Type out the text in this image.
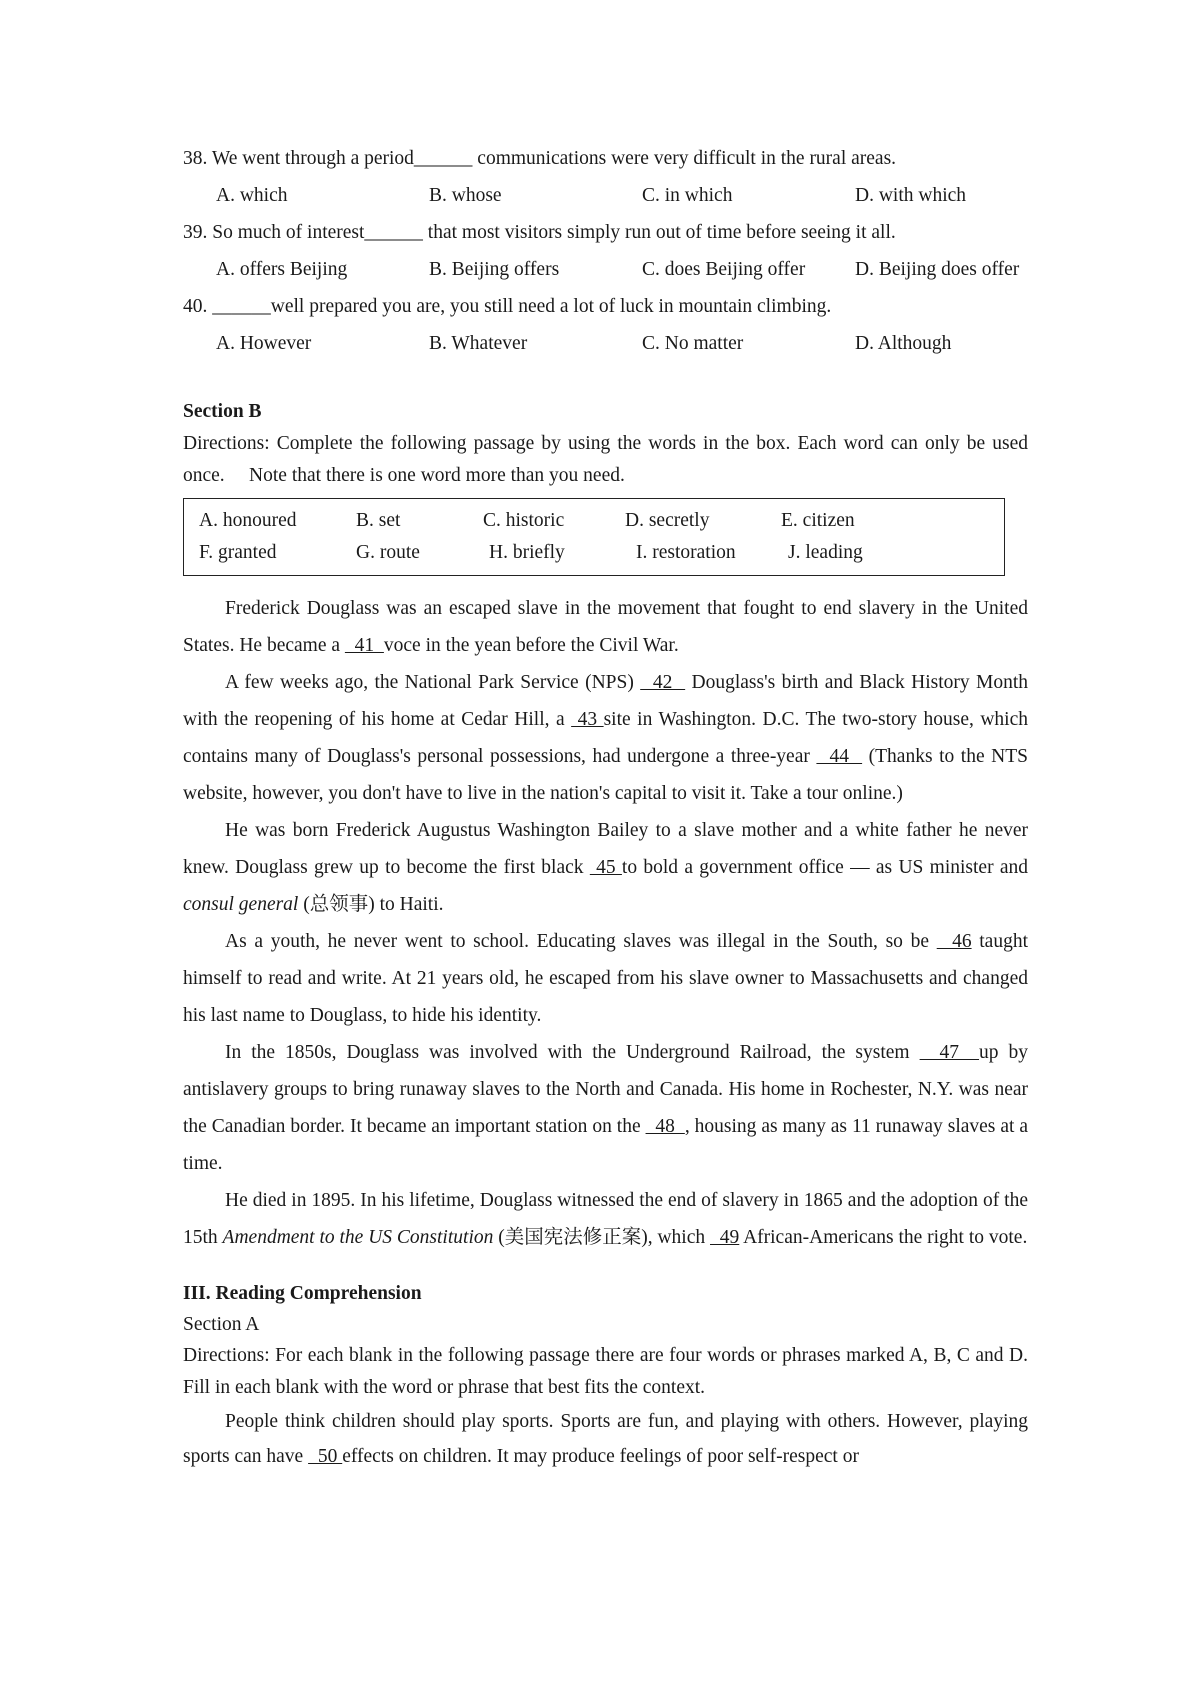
38. We went through a period______ communications were very difficult in the rural areas.
A. which	B. whose	C. in which	D. with which
39. So much of interest______ that most visitors simply run out of time before seeing it all.
A. offers Beijing	B. Beijing offers	C. does Beijing offer	D. Beijing does offer
40. ______well prepared you are, you still need a lot of luck in mountain climbing.
A. However	B. Whatever	C. No matter	D. Although
Section B
Directions: Complete the following passage by using the words in the box. Each word can only be used once.　 Note that there is one word more than you need.
A. honoured	B. set	C. historic	D. secretly	E. citizen
F. granted	G. route	H. briefly	I. restoration	J. leading
Frederick Douglass was an escaped slave in the movement that fought to end slavery in the United States. He became a   41  voce in the yean before the Civil War.
A few weeks ago, the National Park Service (NPS)   42   Douglass's birth and Black History Month with the reopening of his home at Cedar Hill, a  43 site in Washington. D.C. The two-story house, which contains many of Douglass's personal possessions, had undergone a three-year   44   (Thanks to the NTS website, however, you don't have to live in the nation's capital to visit it. Take a tour online.)
He was born Frederick Augustus Washington Bailey to a slave mother and a white father he never knew. Douglass grew up to become the first black  45 to bold a government office — as US minister and consul general (总领事) to Haiti.
As a youth, he never went to school. Educating slaves was illegal in the South, so be   46 taught himself to read and write. At 21 years old, he escaped from his slave owner to Massachusetts and changed his last name to Douglass, to hide his identity.
In the 1850s, Douglass was involved with the Underground Railroad, the system   47  up by antislavery groups to bring runaway slaves to the North and Canada. His home in Rochester, N.Y. was near the Canadian border. It became an important station on the   48  , housing as many as 11 runaway slaves at a time.
He died in 1895. In his lifetime, Douglass witnessed the end of slavery in 1865 and the adoption of the 15th Amendment to the US Constitution (美国宪法修正案), which   49 African-Americans the right to vote.
III. Reading Comprehension
Section A
Directions: For each blank in the following passage there are four words or phrases marked A, B, C and D.　 Fill in each blank with the word or phrase that best fits the context.
People think children should play sports. Sports are fun, and playing with others. However, playing sports can have   50 effects on children. It may produce feelings of poor self-respect or
